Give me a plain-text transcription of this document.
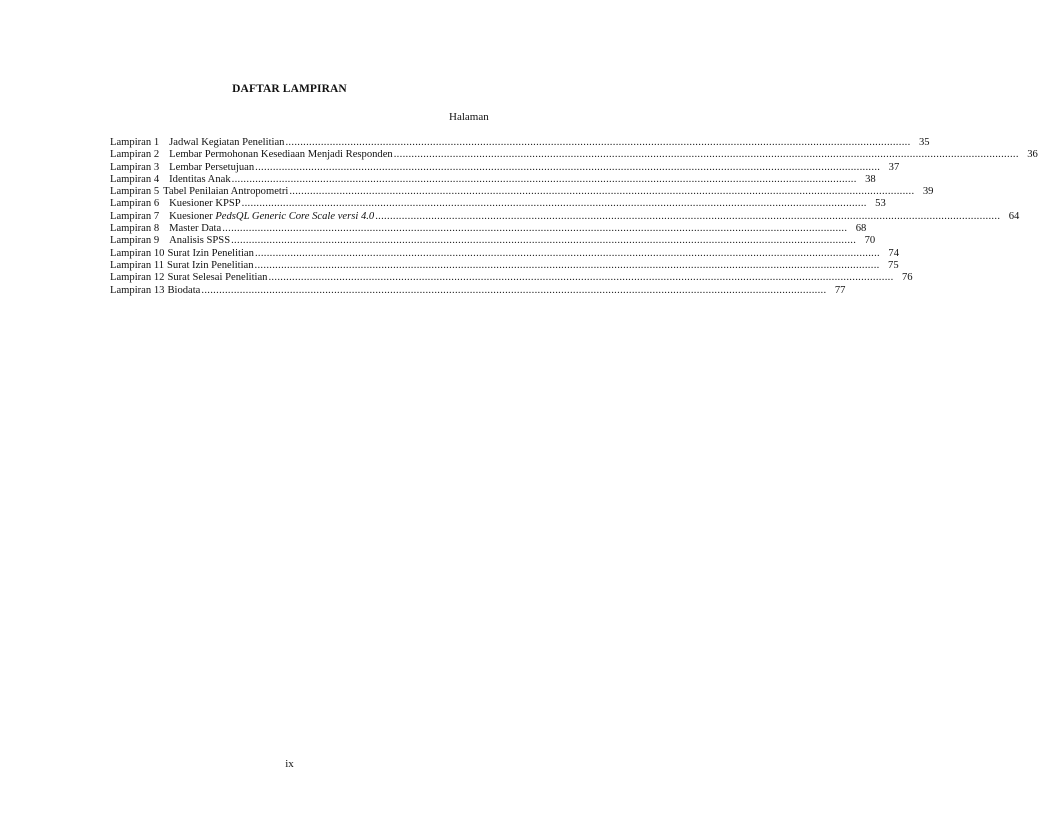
DAFTAR LAMPIRAN
Halaman
Lampiran 1 Jadwal Kegiatan Penelitian .....	35
Lampiran 2 Lembar Permohonan Kesediaan Menjadi Responden .....	36
Lampiran 3 Lembar Persetujuan .....	37
Lampiran 4 Identitas Anak .....	38
Lampiran 5 Tabel Penilaian Antropometri .....	39
Lampiran 6 Kuesioner KPSP .....	53
Lampiran 7 Kuesioner PedsQL Generic Core Scale versi 4.0 .....	64
Lampiran 8 Master Data .....	68
Lampiran 9 Analisis SPSS .....	70
Lampiran 10 Surat Izin Penelitian .....	74
Lampiran 11 Surat Izin Penelitian .....	75
Lampiran 12 Surat Selesai Penelitian .....	76
Lampiran 13 Biodata .....	77
ix
